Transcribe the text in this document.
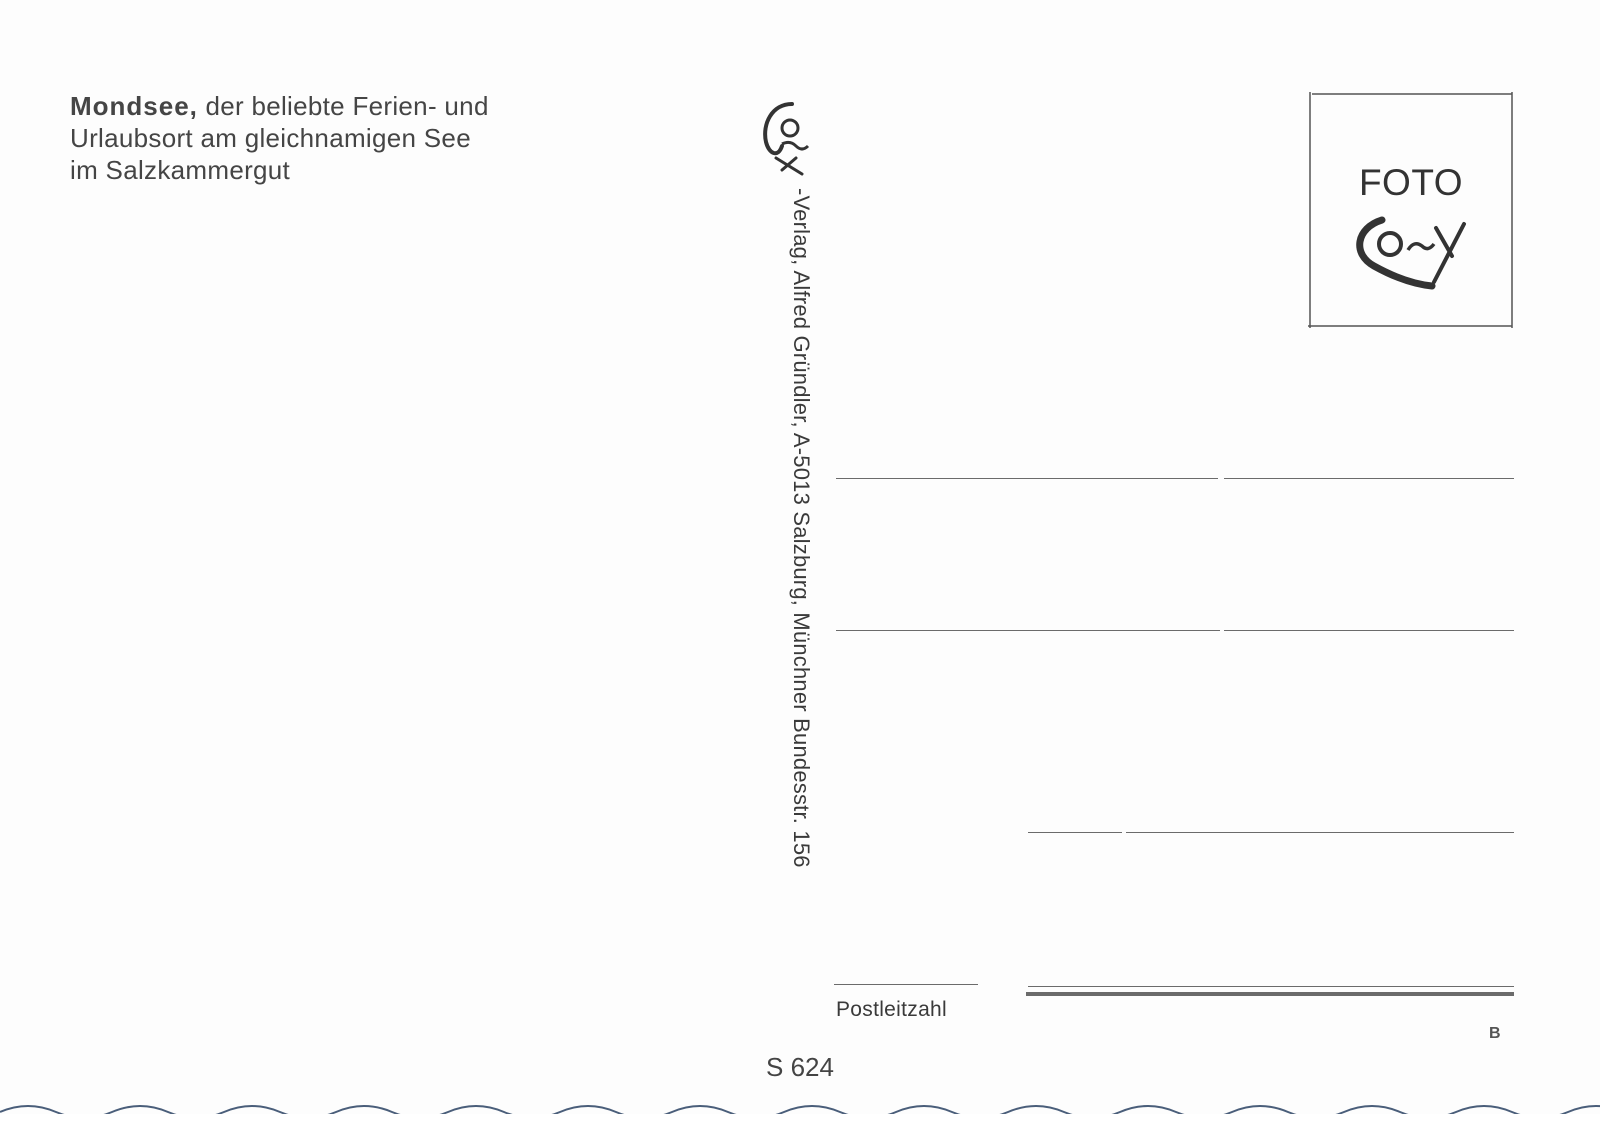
Mondsee, der beliebte Ferien- und
Urlaubsort am gleichnamigen See
im Salzkammergut
-Verlag, Alfred Gründler, A-5013 Salzburg, Münchner Bundesstr. 156
FOTO
Postleitzahl
S 624
B
